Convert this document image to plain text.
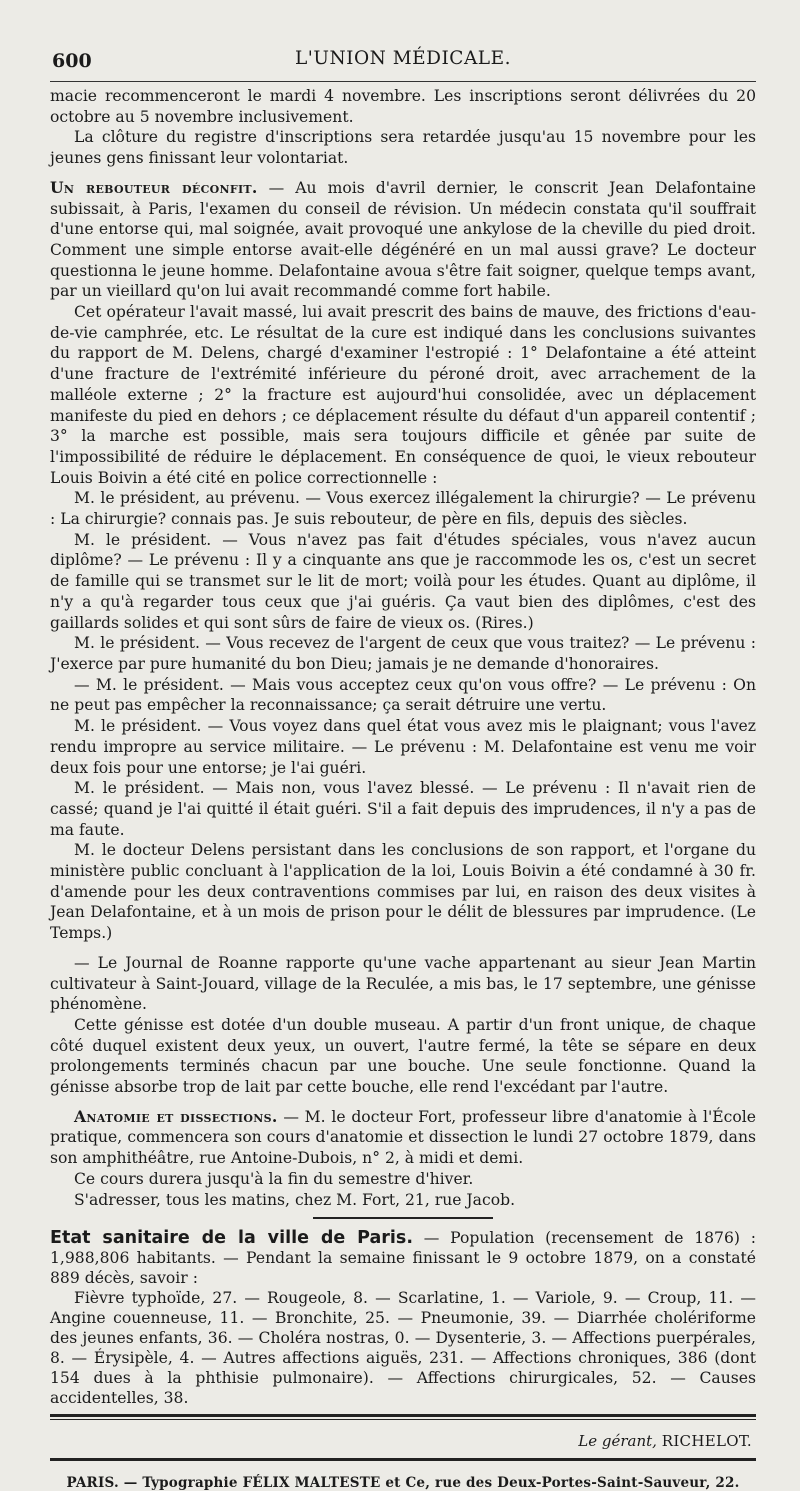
600	L'UNION MÉDICALE.

macie recommenceront le mardi 4 novembre. Les inscriptions seront délivrées du 20 octobre au 5 novembre inclusivement.

La clôture du registre d'inscriptions sera retardée jusqu'au 15 novembre pour les jeunes gens finissant leur volontariat.

Un rebouteur déconfit. — Au mois d'avril dernier, le conscrit Jean Delafontaine subissait, à Paris, l'examen du conseil de révision. Un médecin constata qu'il souffrait d'une entorse qui, mal soignée, avait provoqué une ankylose de la cheville du pied droit. Comment une simple entorse avait-elle dégénéré en un mal aussi grave? Le docteur questionna le jeune homme. Delafontaine avoua s'être fait soigner, quelque temps avant, par un vieillard qu'on lui avait recommandé comme fort habile.

Cet opérateur l'avait massé, lui avait prescrit des bains de mauve, des frictions d'eau-de-vie camphrée, etc. Le résultat de la cure est indiqué dans les conclusions suivantes du rapport de M. Delens, chargé d'examiner l'estropié : 1° Delafontaine a été atteint d'une fracture de l'extrémité inférieure du péroné droit, avec arrachement de la malléole externe ; 2° la fracture est aujourd'hui consolidée, avec un déplacement manifeste du pied en dehors ; ce déplacement résulte du défaut d'un appareil contentif ; 3° la marche est possible, mais sera toujours difficile et gênée par suite de l'impossibilité de réduire le déplacement. En conséquence de quoi, le vieux rebouteur Louis Boivin a été cité en police correctionnelle :

M. le président, au prévenu. — Vous exercez illégalement la chirurgie? — Le prévenu : La chirurgie? connais pas. Je suis rebouteur, de père en fils, depuis des siècles.

M. le président. — Vous n'avez pas fait d'études spéciales, vous n'avez aucun diplôme? — Le prévenu : Il y a cinquante ans que je raccommode les os, c'est un secret de famille qui se transmet sur le lit de mort; voilà pour les études. Quant au diplôme, il n'y a qu'à regarder tous ceux que j'ai guéris. Ça vaut bien des diplômes, c'est des gaillards solides et qui sont sûrs de faire de vieux os. (Rires.)

M. le président. — Vous recevez de l'argent de ceux que vous traitez? — Le prévenu : J'exerce par pure humanité du bon Dieu; jamais je ne demande d'honoraires.

— M. le président. — Mais vous acceptez ceux qu'on vous offre? — Le prévenu : On ne peut pas empêcher la reconnaissance; ça serait détruire une vertu.

M. le président. — Vous voyez dans quel état vous avez mis le plaignant; vous l'avez rendu impropre au service militaire. — Le prévenu : M. Delafontaine est venu me voir deux fois pour une entorse; je l'ai guéri.

M. le président. — Mais non, vous l'avez blessé. — Le prévenu : Il n'avait rien de cassé; quand je l'ai quitté il était guéri. S'il a fait depuis des imprudences, il n'y a pas de ma faute.

M. le docteur Delens persistant dans les conclusions de son rapport, et l'organe du ministère public concluant à l'application de la loi, Louis Boivin a été condamné à 30 fr. d'amende pour les deux contraventions commises par lui, en raison des deux visites à Jean Delafontaine, et à un mois de prison pour le délit de blessures par imprudence. (Le Temps.)

— Le Journal de Roanne rapporte qu'une vache appartenant au sieur Jean Martin cultivateur à Saint-Jouard, village de la Reculée, a mis bas, le 17 septembre, une génisse phénomène.

Cette génisse est dotée d'un double museau. A partir d'un front unique, de chaque côté duquel existent deux yeux, un ouvert, l'autre fermé, la tête se sépare en deux prolongements terminés chacun par une bouche. Une seule fonctionne. Quand la génisse absorbe trop de lait par cette bouche, elle rend l'excédant par l'autre.

Anatomie et dissections. — M. le docteur Fort, professeur libre d'anatomie à l'École pratique, commencera son cours d'anatomie et dissection le lundi 27 octobre 1879, dans son amphithéâtre, rue Antoine-Dubois, n° 2, à midi et demi.

Ce cours durera jusqu'à la fin du semestre d'hiver.

S'adresser, tous les matins, chez M. Fort, 21, rue Jacob.

Etat sanitaire de la ville de Paris. — Population (recensement de 1876) : 1,988,806 habitants. — Pendant la semaine finissant le 9 octobre 1879, on a constaté 889 décès, savoir :

Fièvre typhoïde, 27. — Rougeole, 8. — Scarlatine, 1. — Variole, 9. — Croup, 11. — Angine couenneuse, 11. — Bronchite, 25. — Pneumonie, 39. — Diarrhée cholériforme des jeunes enfants, 36. — Choléra nostras, 0. — Dysenterie, 3. — Affections puerpérales, 8. — Érysipèle, 4. — Autres affections aiguës, 231. — Affections chroniques, 386 (dont 154 dues à la phthisie pulmonaire). — Affections chirurgicales, 52. — Causes accidentelles, 38.

Le gérant, RICHELOT.
PARIS. — Typographie FÉLIX MALTESTE et Ce, rue des Deux-Portes-Saint-Sauveur, 22.
